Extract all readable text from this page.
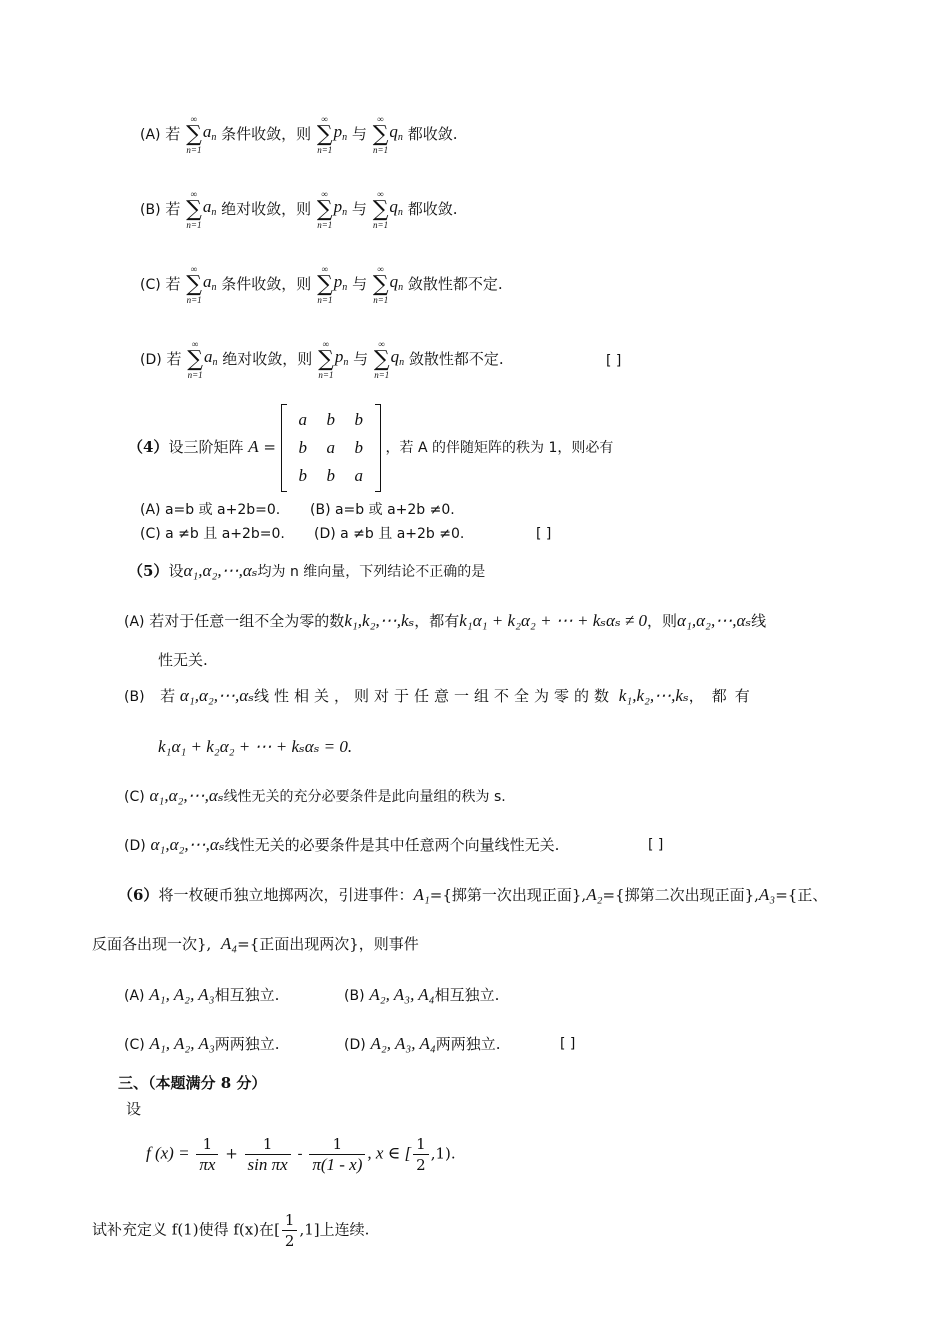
(A) 若
∞
∑
n=1
$a_n$ 条件收敛，则
∞
∑
n=1
$p_n$ 与
∞
∑
n=1
$q_n$ 都收敛.
(B) 若
∞
∑
n=1
$a_n$ 绝对收敛，则
∞
∑
n=1
$p_n$ 与
∞
∑
n=1
$q_n$ 都收敛.
(C) 若
∞
∑
n=1
$a_n$ 条件收敛，则
∞
∑
n=1
$p_n$ 与
∞
∑
n=1
$q_n$ 敛散性都不定.
(D) 若
∞
∑
n=1
$a_n$ 绝对收敛，则
∞
∑
n=1
$p_n$ 与
∞
∑
n=1
$q_n$ 敛散性都不定.	[ ]
（4）设三阶矩阵 A =
a	b	b
b	a	b
b	b	a
，若 A 的伴随矩阵的秩为 1，则必有
(A) a=b 或 a+2b=0. (B) a=b 或 a+2b ≠0.
(C) a ≠b 且 a+2b=0. (D) a ≠b 且 a+2b ≠0.	[ ]
（5）设α₁,α₂,⋯,αₛ均为 n 维向量，下列结论不正确的是
(A) 若对于任意一组不全为零的数k₁,k₂,⋯,kₛ，都有k₁α₁ + k₂α₂ + ⋯ + kₛαₛ ≠ 0，则α₁,α₂,⋯,αₛ线
性无关.
(B) 若 α₁,α₂,⋯,αₛ线性相关，则对于任意一组不全为零的数 k₁,k₂,⋯,kₛ，都有
k₁α₁ + k₂α₂ + ⋯ + kₛαₛ = 0.
(C) α₁,α₂,⋯,αₛ线性无关的充分必要条件是此向量组的秩为 s.
(D) α₁,α₂,⋯,αₛ线性无关的必要条件是其中任意两个向量线性无关.	[ ]
（6）将一枚硬币独立地掷两次，引进事件：A₁={掷第一次出现正面},A₂={掷第二次出现正面},A₃={正、
反面各出现一次}, A₄={正面出现两次}，则事件
(A) A₁, A₂, A₃相互独立.	(B) A₂, A₃, A₄相互独立.
(C) A₁, A₂, A₃两两独立.	(D) A₂, A₃, A₄两两独立.	[ ]
三、（本题满分 8 分）
设
f $(x) = \frac{1}{\pi x} + \frac{1}{\text{sin πx}} - \frac{1}{\pi(1 - x)}$ , x ∈ [ $\frac{1}{2} ,1$).
试补充定义 f(1)使得 f(x)在[ $\frac{1}{2} ,1$]上连续.
